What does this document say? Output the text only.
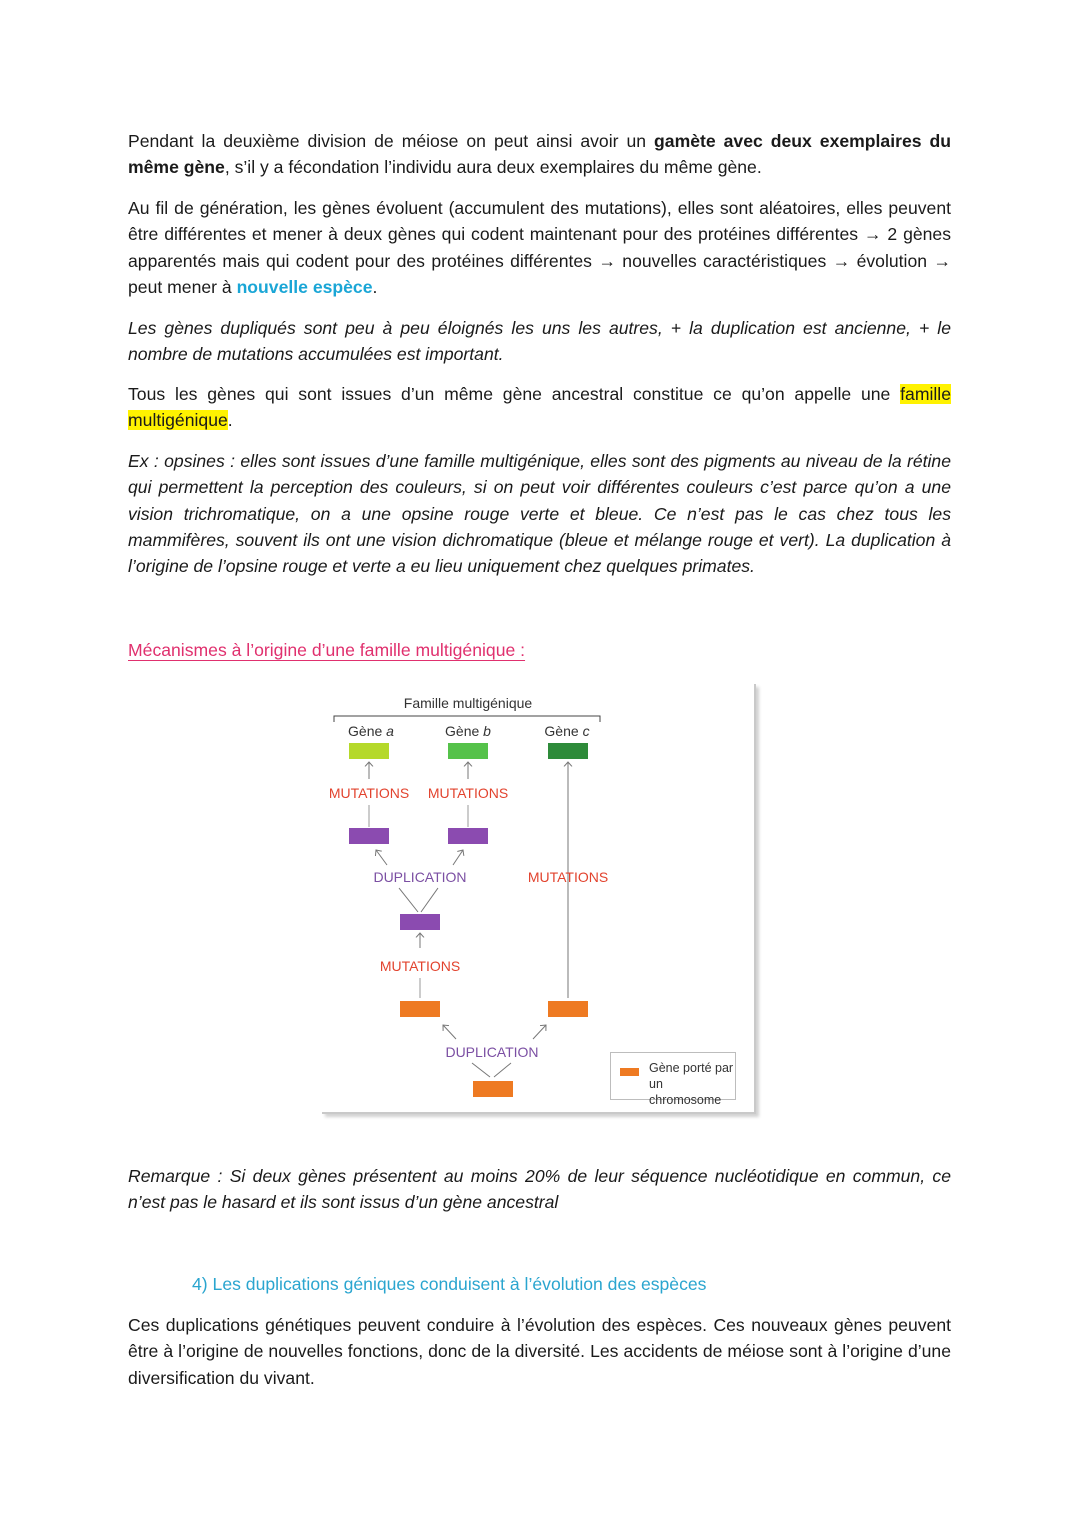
Pendant la deuxième division de méiose on peut ainsi avoir un gamète avec deux exemplaires du même gène, s’il y a fécondation l’individu aura deux exemplaires du même gène.

Au fil de génération, les gènes évoluent (accumulent des mutations), elles sont aléatoires, elles peuvent être différentes et mener à deux gènes qui codent maintenant pour des protéines différentes → 2 gènes apparentés mais qui codent pour des protéines différentes → nouvelles caractéristiques → évolution → peut mener à nouvelle espèce.

Les gènes dupliqués sont peu à peu éloignés les uns les autres, + la duplication est ancienne, + le nombre de mutations accumulées est important.

Tous les gènes qui sont issues d’un même gène ancestral constitue ce qu’on appelle une famille multigénique.

Ex : opsines : elles sont issues d’une famille multigénique, elles sont des pigments au niveau de la rétine qui permettent la perception des couleurs, si on peut voir différentes couleurs c’est parce qu’on a une vision trichromatique, on a une opsine rouge verte et bleue. Ce n’est pas le cas chez tous les mammifères, souvent ils ont une vision dichromatique (bleue et mélange rouge et vert). La duplication à l’origine de l’opsine rouge et verte a eu lieu uniquement chez quelques primates.

Mécanismes à l’origine d’une famille multigénique :

Famille multigénique
Gène a	Gène b	Gène c
MUTATIONS MUTATIONS
DUPLICATION	MUTATIONS
MUTATIONS
DUPLICATION
Gène porté par un chromosome

Remarque : Si deux gènes présentent au moins 20% de leur séquence nucléotidique en commun, ce n’est pas le hasard et ils sont issus d’un gène ancestral

4) Les duplications géniques conduisent à l’évolution des espèces

Ces duplications génétiques peuvent conduire à l’évolution des espèces. Ces nouveaux gènes peuvent être à l’origine de nouvelles fonctions, donc de la diversité. Les accidents de méiose sont à l’origine d’une diversification du vivant.
